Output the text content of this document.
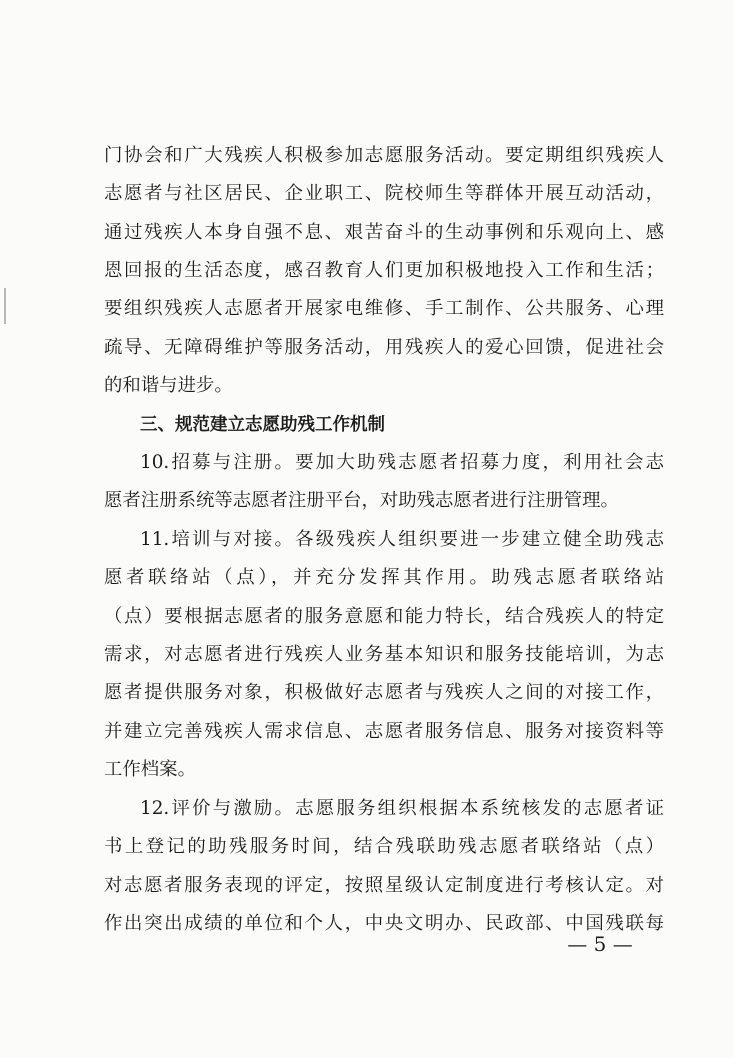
门协会和广大残疾人积极参加志愿服务活动。要定期组织残疾人
志愿者与社区居民、企业职工、院校师生等群体开展互动活动，
通过残疾人本身自强不息、艰苦奋斗的生动事例和乐观向上、感
恩回报的生活态度，感召教育人们更加积极地投入工作和生活；
要组织残疾人志愿者开展家电维修、手工制作、公共服务、心理
疏导、无障碍维护等服务活动，用残疾人的爱心回馈，促进社会
的和谐与进步。
三、规范建立志愿助残工作机制
10.招募与注册。要加大助残志愿者招募力度，利用社会志
愿者注册系统等志愿者注册平台，对助残志愿者进行注册管理。
11.培训与对接。各级残疾人组织要进一步建立健全助残志
愿者联络站（点），并充分发挥其作用。助残志愿者联络站
（点）要根据志愿者的服务意愿和能力特长，结合残疾人的特定
需求，对志愿者进行残疾人业务基本知识和服务技能培训，为志
愿者提供服务对象，积极做好志愿者与残疾人之间的对接工作，
并建立完善残疾人需求信息、志愿者服务信息、服务对接资料等
工作档案。
12.评价与激励。志愿服务组织根据本系统核发的志愿者证
书上登记的助残服务时间，结合残联助残志愿者联络站（点）
对志愿者服务表现的评定，按照星级认定制度进行考核认定。对
作出突出成绩的单位和个人，中央文明办、民政部、中国残联每
— 5 —
